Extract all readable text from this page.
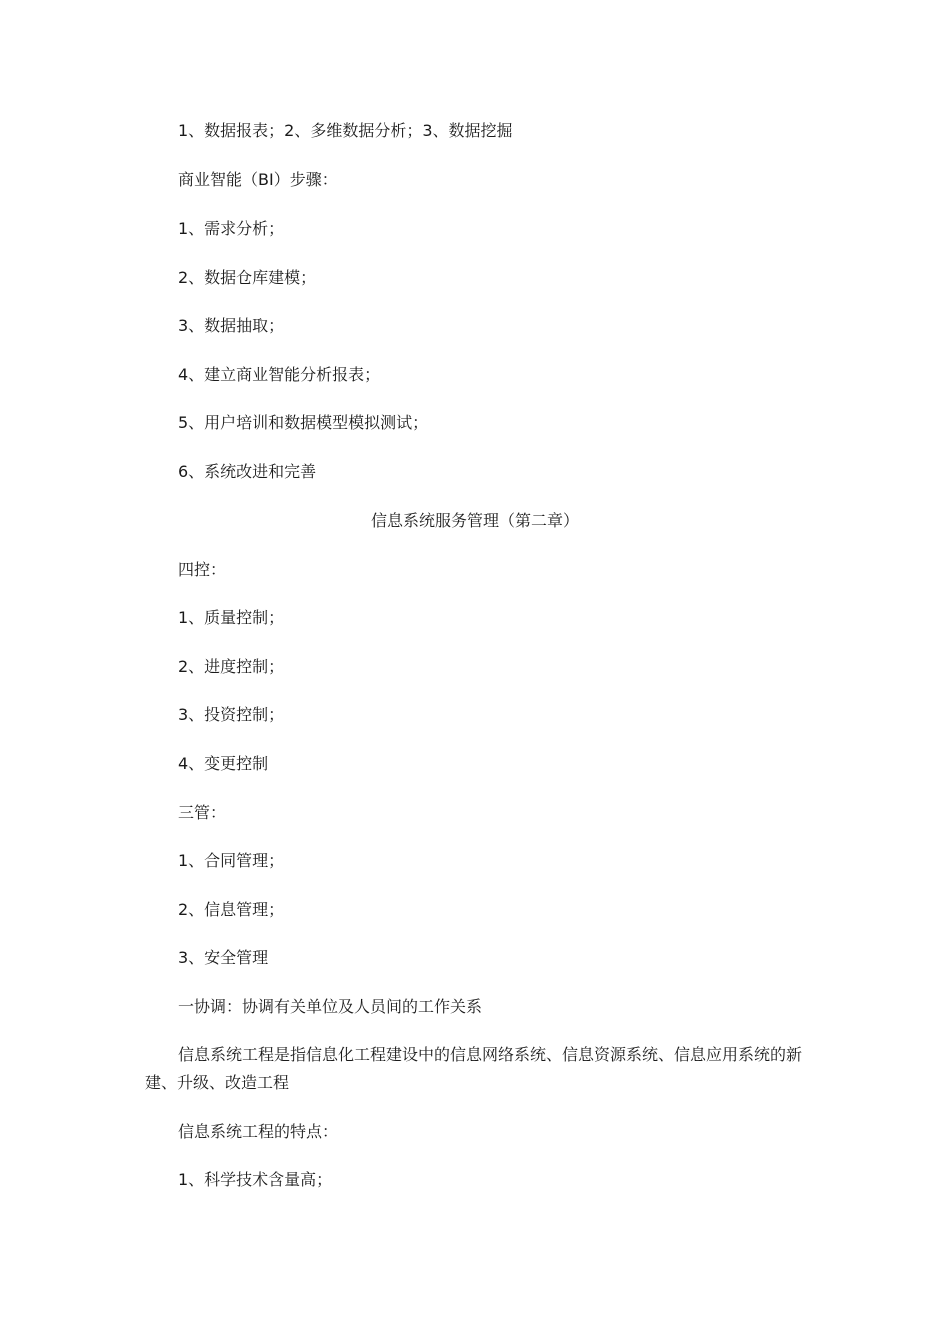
1、数据报表；2、多维数据分析；3、数据挖掘
商业智能（BI）步骤：
1、需求分析；
2、数据仓库建模；
3、数据抽取；
4、建立商业智能分析报表；
5、用户培训和数据模型模拟测试；
6、系统改进和完善
信息系统服务管理（第二章）
四控：
1、质量控制；
2、进度控制；
3、投资控制；
4、变更控制
三管：
1、合同管理；
2、信息管理；
3、安全管理
一协调：协调有关单位及人员间的工作关系
信息系统工程是指信息化工程建设中的信息网络系统、信息资源系统、信息应用系统的新建、升级、改造工程
信息系统工程的特点：
1、科学技术含量高；
